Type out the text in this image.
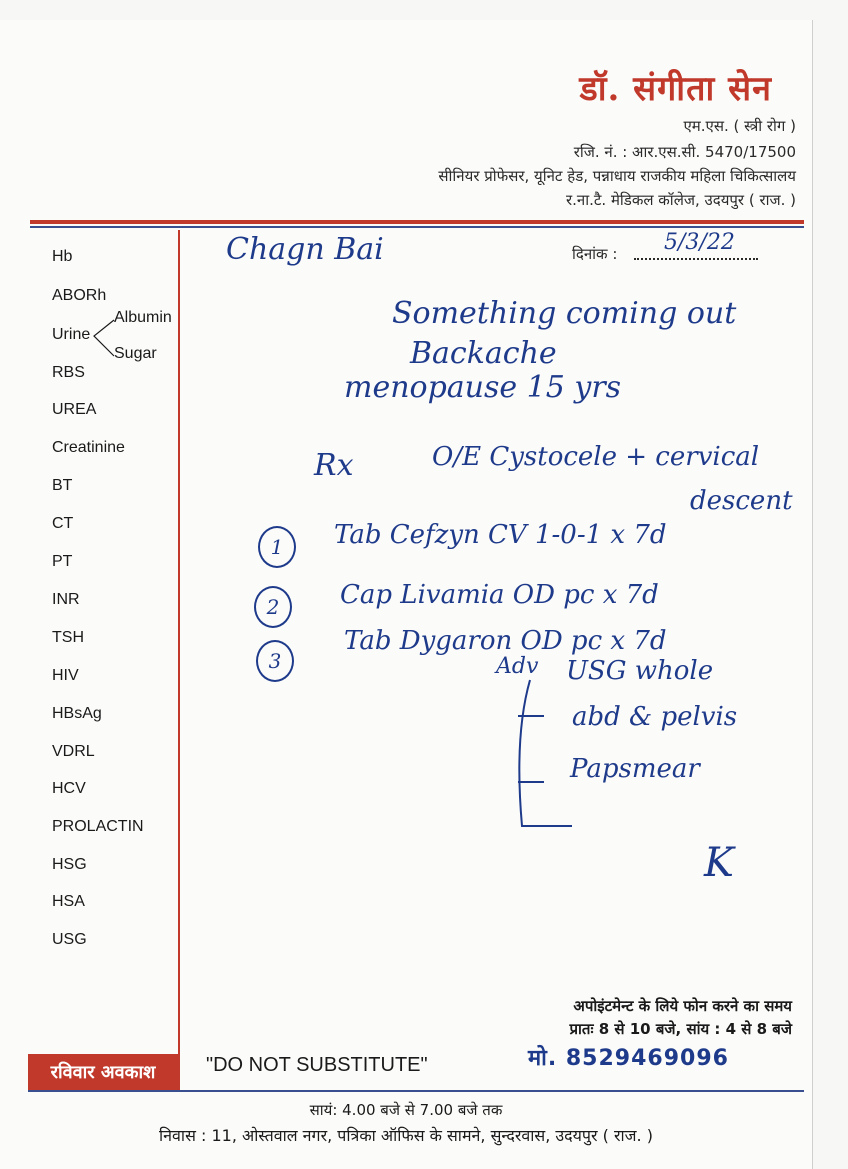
डॉ. संगीता सेन
एम.एस. ( स्त्री रोग )
रजि. नं. : आर.एस.सी. 5470/17500
सीनियर प्रोफेसर, यूनिट हेड, पन्नाधाय राजकीय महिला चिकित्सालय
र.ना.टै. मेडिकल कॉलेज, उदयपुर ( राज. )
दिनांक : 5/3/22
Hb
ABORh
Urine
Albumin
Sugar
RBS
UREA
Creatinine
BT
CT
PT
INR
TSH
HIV
HBsAg
VDRL
HCV
PROLACTIN
HSG
HSA
USG
Chagn Bai
Something coming out
Backache
menopause 15 yrs
Rx	O/E Cystocele + cervical
descent
1	Tab Cefzyn CV 1-0-1 x 7d
2	Cap Livamia OD pc x 7d
3
Tab Dygaron OD pc x 7d
Adv USG whole
abd & pelvis
Papsmear
K
अपोइंटमेन्ट के लिये फोन करने का समय
प्रातः 8 से 10 बजे, सांय : 4 से 8 बजे
मो. 8529469096
रविवार अवकाश	"DO NOT SUBSTITUTE"
सायं: 4.00 बजे से 7.00 बजे तक
निवास : 11, ओस्तवाल नगर, पत्रिका ऑफिस के सामने, सुन्दरवास, उदयपुर ( राज. )
